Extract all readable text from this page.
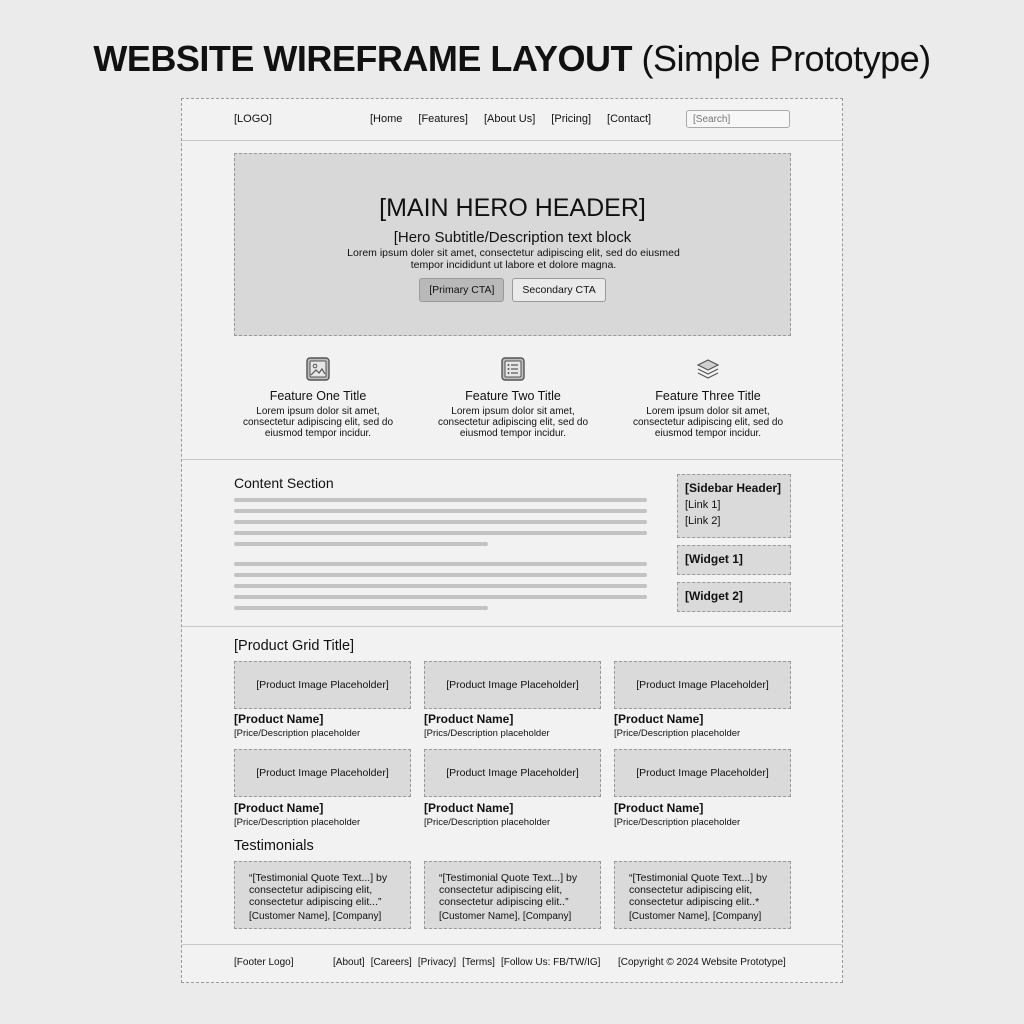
WEBSITE WIREFRAME LAYOUT (Simple Prototype)
[LOGO]	[Home [Features] [About Us] [Pricing] [Contact]
[Search]
[MAIN HERO HEADER]
[Hero Subtitle/Description text block
Lorem ipsum doler sit amet, consectetur adipiscing elit, sed do eiusmed tempor incididunt ut labore et dolore magna.
[Primary CTA]	Secondary CTA
Feature One Title
Lorem ipsum dolor sit amet, consectetur adipiscing elit, sed do eiusmod tempor incidur.
Feature Two Title
Lorem ipsum dolor sit amet, consectetur adipiscing elit, sed do eiusmod tempor incidur.
Feature Three Title
Lorem ipsum dolor sit amet, consectetur adipiscing elit, sed do eiusmod tempor incidur.
Content Section	[Sidebar Header]
[Link 1]
[Link 2]
[Widget 1]
[Widget 2]
[Product Grid Title]
[Product Image Placeholder]
[Product Name]
[Price/Description placeholder
[Product Image Placeholder]
[Product Name]
[Prics/Description placeholder
[Product Image Placeholder]
[Product Name]
[Price/Description placeholder
[Product Image Placeholder]
[Product Name]
[Price/Description placeholder
[Product Image Placeholder]
[Product Name]
[Price/Description placeholder
[Product Image Placeholder]
[Product Name]
[Price/Description placeholder
Testimonials
“[Testimonial Quote Text...] by consectetur adipiscing elit, consectetur adipiscing elit...”
[Customer Name], [Company]
“[Testimonial Quote Text...] by consectetur adipiscing elit, consectetur adipiscing elit..”
[Customer Name], [Company]
“[Testimonial Quote Text...] by consectetur adipiscing elit, consectetur adipiscing elit..*
[Customer Name], [Company]
[Footer Logo]	[About] [Careers] [Privacy] [Terms] [Follow Us: FB/TW/IG] [Copyright © 2024 Website Prototype]
